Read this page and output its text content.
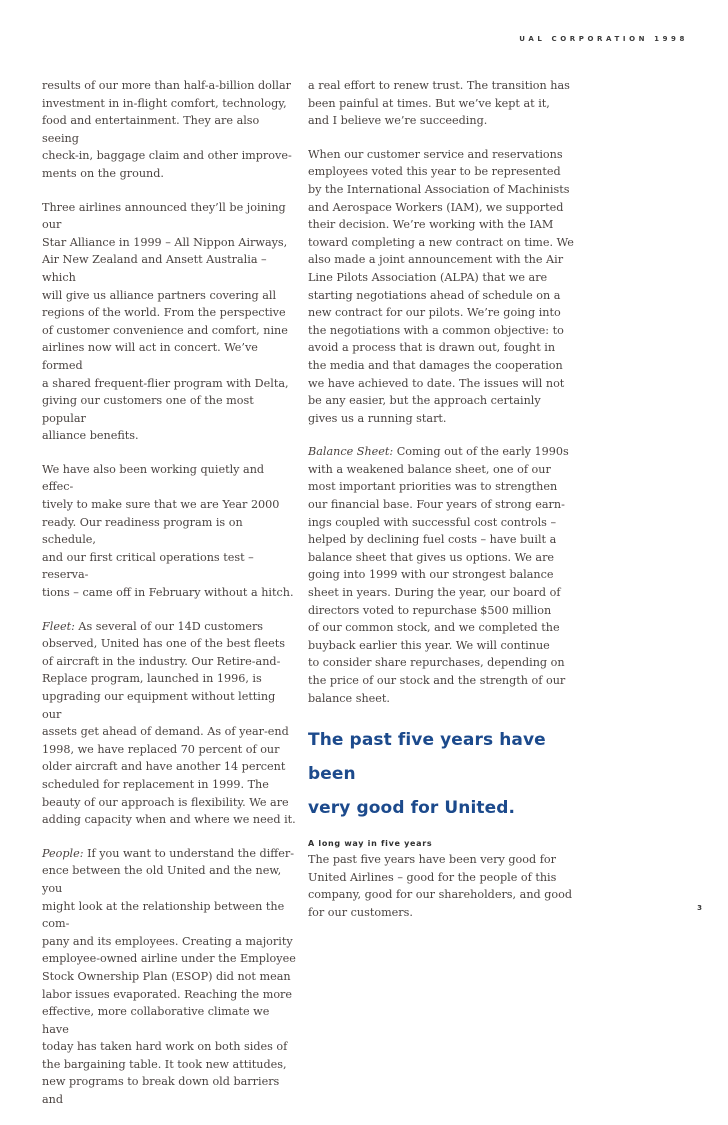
UAL CORPORATION 1998

results of our more than half-a-billion dollar
investment in in-flight comfort, technology,
food and entertainment. They are also seeing
check-in, baggage claim and other improve-
ments on the ground.

Three airlines announced they’ll be joining our
Star Alliance in 1999 – All Nippon Airways,
Air New Zealand and Ansett Australia – which
will give us alliance partners covering all
regions of the world. From the perspective
of customer convenience and comfort, nine
airlines now will act in concert. We’ve formed
a shared frequent-flier program with Delta,
giving our customers one of the most popular
alliance benefits.

We have also been working quietly and effec-
tively to make sure that we are Year 2000
ready. Our readiness program is on schedule,
and our first critical operations test – reserva-
tions – came off in February without a hitch.

Fleet: As several of our 14D customers
observed, United has one of the best fleets
of aircraft in the industry. Our Retire-and-
Replace program, launched in 1996, is
upgrading our equipment without letting our
assets get ahead of demand. As of year-end
1998, we have replaced 70 percent of our
older aircraft and have another 14 percent
scheduled for replacement in 1999. The
beauty of our approach is flexibility. We are
adding capacity when and where we need it.

People: If you want to understand the differ-
ence between the old United and the new, you
might look at the relationship between the com-
pany and its employees. Creating a majority
employee-owned airline under the Employee
Stock Ownership Plan (ESOP) did not mean
labor issues evaporated. Reaching the more
effective, more collaborative climate we have
today has taken hard work on both sides of
the bargaining table. It took new attitudes,
new programs to break down old barriers and

a real effort to renew trust. The transition has
been painful at times. But we’ve kept at it,
and I believe we’re succeeding.

When our customer service and reservations
employees voted this year to be represented
by the International Association of Machinists
and Aerospace Workers (IAM), we supported
their decision. We’re working with the IAM
toward completing a new contract on time. We
also made a joint announcement with the Air
Line Pilots Association (ALPA) that we are
starting negotiations ahead of schedule on a
new contract for our pilots. We’re going into
the negotiations with a common objective: to
avoid a process that is drawn out, fought in
the media and that damages the cooperation
we have achieved to date. The issues will not
be any easier, but the approach certainly
gives us a running start.

Balance Sheet: Coming out of the early 1990s
with a weakened balance sheet, one of our
most important priorities was to strengthen
our financial base. Four years of strong earn-
ings coupled with successful cost controls –
helped by declining fuel costs – have built a
balance sheet that gives us options. We are
going into 1999 with our strongest balance
sheet in years. During the year, our board of
directors voted to repurchase $500 million
of our common stock, and we completed the
buyback earlier this year. We will continue
to consider share repurchases, depending on
the price of our stock and the strength of our
balance sheet.

The past five years have been
very good for United.
A long way in five years

The past five years have been very good for
United Airlines – good for the people of this
company, good for our shareholders, and good
for our customers.	3
